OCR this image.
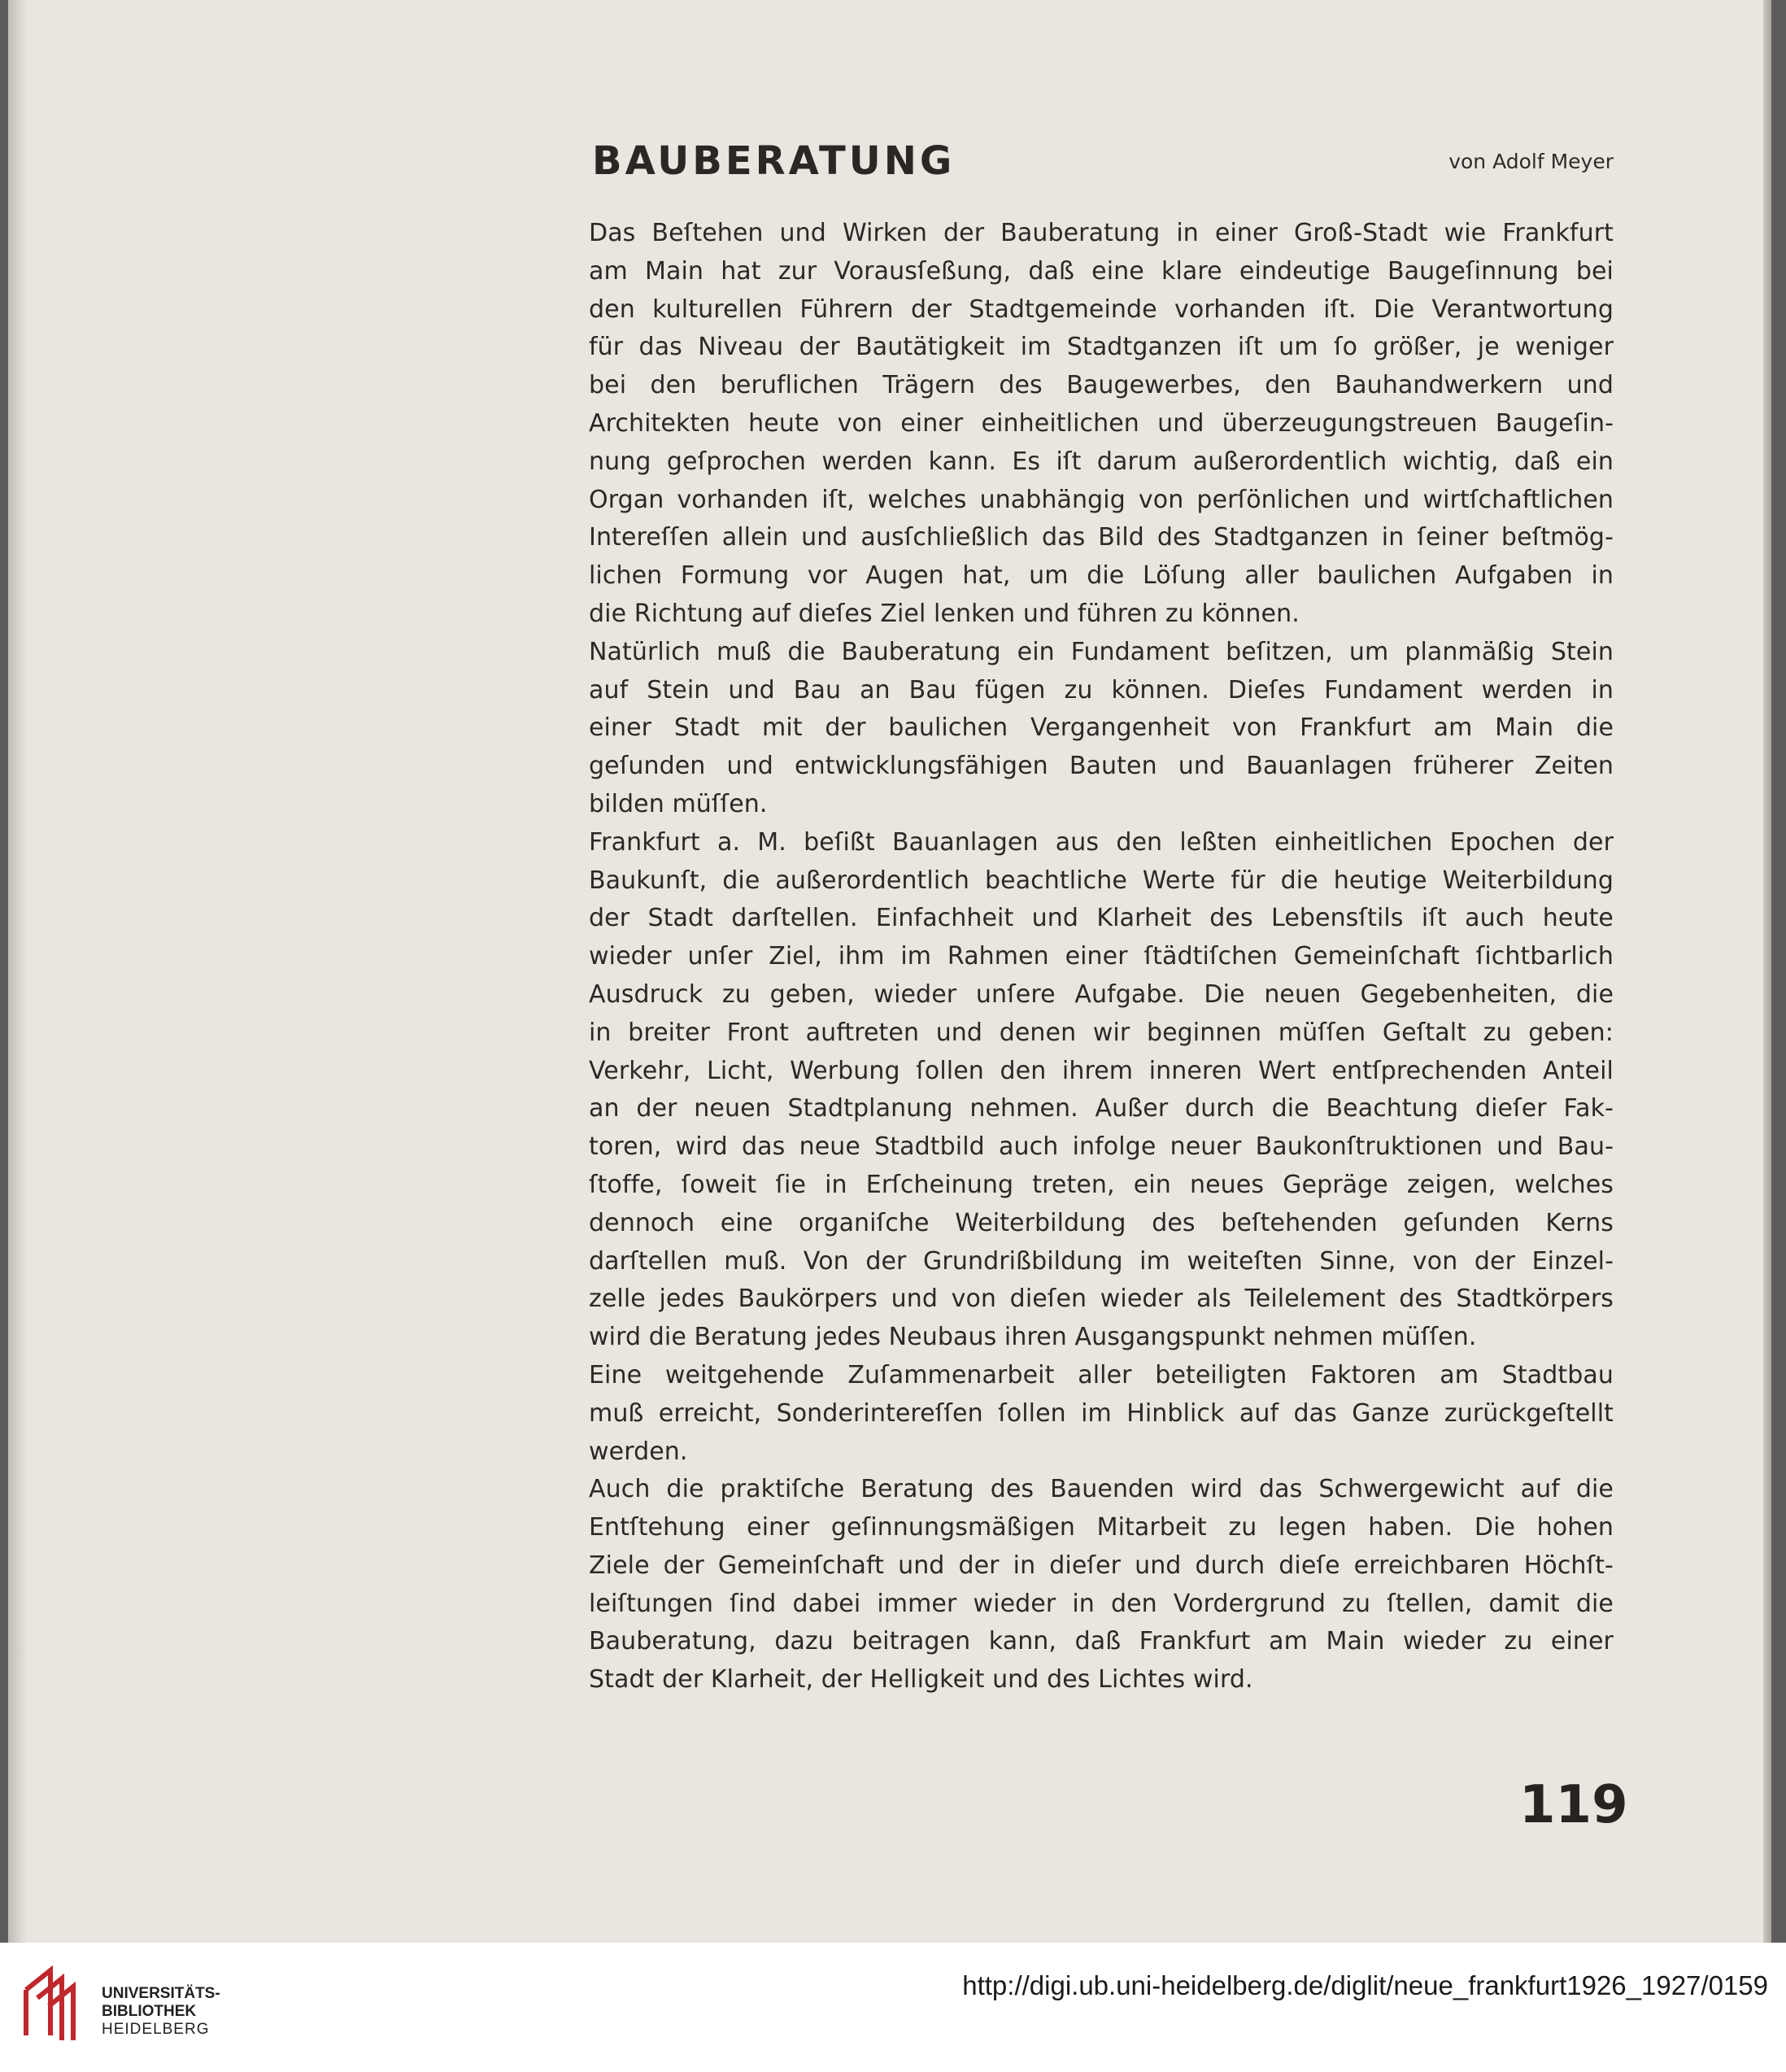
BAUBERATUNG	von Adolf Meyer
Das Beſtehen und Wirken der Bauberatung in einer Groß-Stadt wie Frankfurt
am Main hat zur Vorausſeßung, daß eine klare eindeutige Baugeſinnung bei
den kulturellen Führern der Stadtgemeinde vorhanden iſt. Die Verantwortung
für das Niveau der Bautätigkeit im Stadtganzen iſt um ſo größer, je weniger
bei den beruflichen Trägern des Baugewerbes, den Bauhandwerkern und
Architekten heute von einer einheitlichen und überzeugungstreuen Baugeſin-
nung geſprochen werden kann. Es iſt darum außerordentlich wichtig, daß ein
Organ vorhanden iſt, welches unabhängig von perſönlichen und wirtſchaftlichen
Intereſſen allein und ausſchließlich das Bild des Stadtganzen in ſeiner beſtmög-
lichen Formung vor Augen hat, um die Löſung aller baulichen Aufgaben in
die Richtung auf dieſes Ziel lenken und führen zu können.
Natürlich muß die Bauberatung ein Fundament beſitzen, um planmäßig Stein
auf Stein und Bau an Bau fügen zu können. Dieſes Fundament werden in
einer Stadt mit der baulichen Vergangenheit von Frankfurt am Main die
geſunden und entwicklungsfähigen Bauten und Bauanlagen früherer Zeiten
bilden müſſen.
Frankfurt a. M. beſißt Bauanlagen aus den leßten einheitlichen Epochen der
Baukunſt, die außerordentlich beachtliche Werte für die heutige Weiterbildung
der Stadt darſtellen. Einfachheit und Klarheit des Lebensſtils iſt auch heute
wieder unſer Ziel, ihm im Rahmen einer ſtädtiſchen Gemeinſchaft ſichtbarlich
Ausdruck zu geben, wieder unſere Aufgabe. Die neuen Gegebenheiten, die
in breiter Front auftreten und denen wir beginnen müſſen Geſtalt zu geben:
Verkehr, Licht, Werbung ſollen den ihrem inneren Wert entſprechenden Anteil
an der neuen Stadtplanung nehmen. Außer durch die Beachtung dieſer Fak-
toren, wird das neue Stadtbild auch infolge neuer Baukonſtruktionen und Bau-
ſtoffe, ſoweit ſie in Erſcheinung treten, ein neues Gepräge zeigen, welches
dennoch eine organiſche Weiterbildung des beſtehenden geſunden Kerns
darſtellen muß. Von der Grundrißbildung im weiteſten Sinne, von der Einzel-
zelle jedes Baukörpers und von dieſen wieder als Teilelement des Stadtkörpers
wird die Beratung jedes Neubaus ihren Ausgangspunkt nehmen müſſen.
Eine weitgehende Zuſammenarbeit aller beteiligten Faktoren am Stadtbau
muß erreicht, Sonderintereſſen ſollen im Hinblick auf das Ganze zurückgeſtellt
werden.
Auch die praktiſche Beratung des Bauenden wird das Schwergewicht auf die
Entſtehung einer geſinnungsmäßigen Mitarbeit zu legen haben. Die hohen
Ziele der Gemeinſchaft und der in dieſer und durch dieſe erreichbaren Höchſt-
leiſtungen ſind dabei immer wieder in den Vordergrund zu ſtellen, damit die
Bauberatung, dazu beitragen kann, daß Frankfurt am Main wieder zu einer
Stadt der Klarheit, der Helligkeit und des Lichtes wird.
119
UNIVERSITÄTS-
BIBLIOTHEK
HEIDELBERG
http://digi.ub.uni-heidelberg.de/diglit/neue_frankfurt1926_1927/0159
